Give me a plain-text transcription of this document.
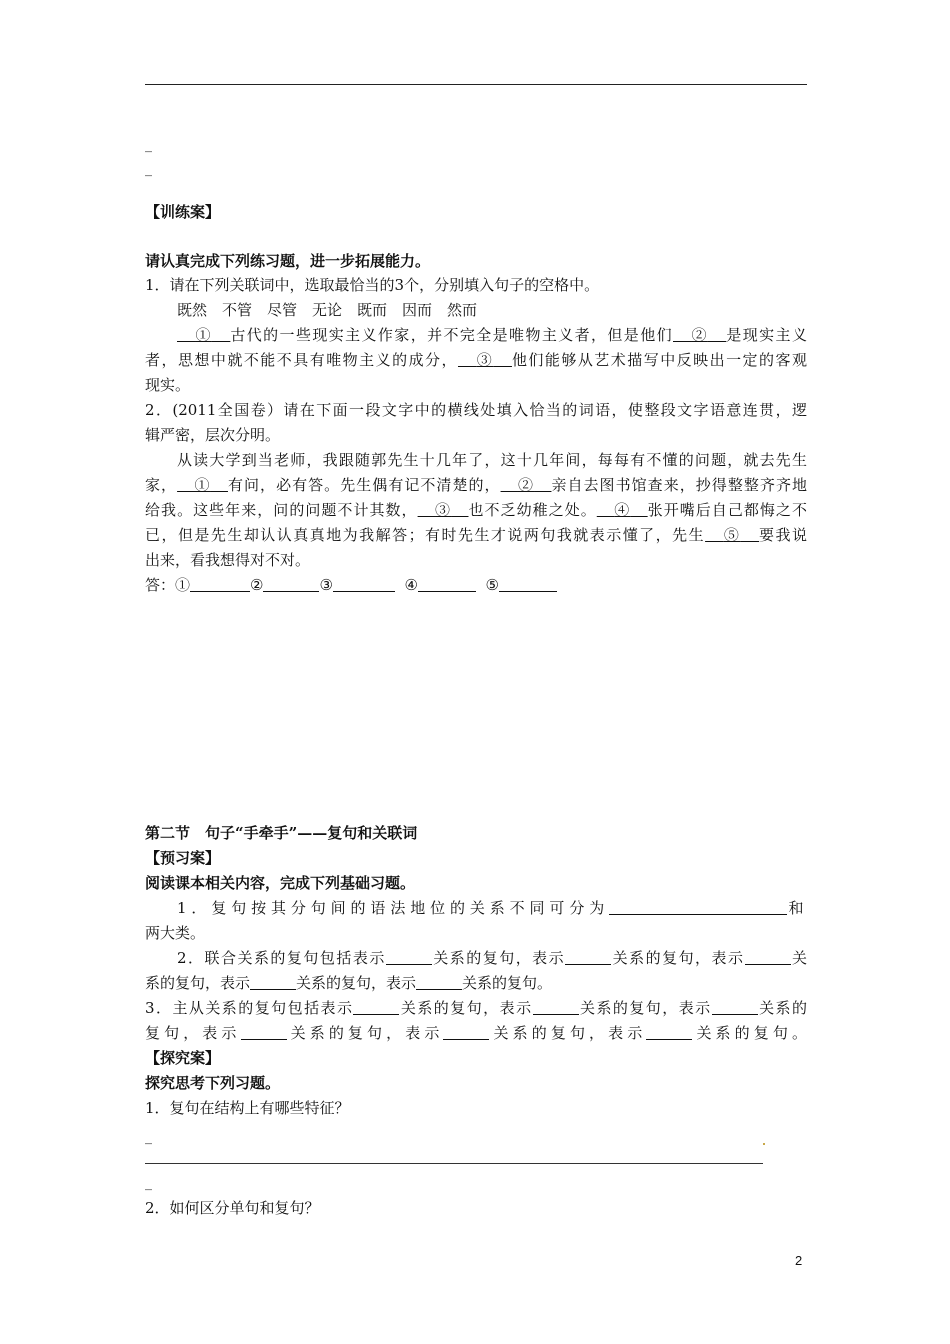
_
_
【训练案】
请认真完成下列练习题，进一步拓展能力。
1．请在下列关联词中，选取最恰当的3个，分别填入句子的空格中。
既然　不管　尽管　无论　既而　因而　然而
① 古代的一些现实主义作家，并不完全是唯物主义者，但是他们 ② 是现实主义
者，思想中就不能不具有唯物主义的成分， ③ 他们能够从艺术描写中反映出一定的客观
现实。
2．(2011全国卷）请在下面一段文字中的横线处填入恰当的词语，使整段文字语意连贯，逻
辑严密，层次分明。
从读大学到当老师，我跟随郭先生十几年了，这十几年间，每每有不懂的问题，就去先生
家， ① 有问，必有答。先生偶有记不清楚的， ② 亲自去图书馆查来，抄得整整齐齐地
给我。这些年来，问的问题不计其数， ③ 也不乏幼稚之处。 ④ 张开嘴后自己都悔之不
已，但是先生却认认真真地为我解答；有时先生才说两句我就表示懂了，先生 ⑤ 要我说
出来，看我想得对不对。
答：①	②	③	④	⑤
第二节　句子“手牵手”——复句和关联词
【预习案】
阅读课本相关内容，完成下列基础习题。
1．复句按其分句间的语法地位的关系不同可分为	和
两大类。
2．联合关系的复句包括表示	关系的复句，表示	关系的复句，表示	关
系的复句，表示	关系的复句，表示	关系的复句。
3．主从关系的复句包括表示	关系的复句，表示	关系的复句，表示	关系的
复句，表示	关系的复句，表示	关系的复句，表示	关系的复句。
【探究案】
探究思考下列习题。
1．复句在结构上有哪些特征？
_
_
2．如何区分单句和复句？
2
